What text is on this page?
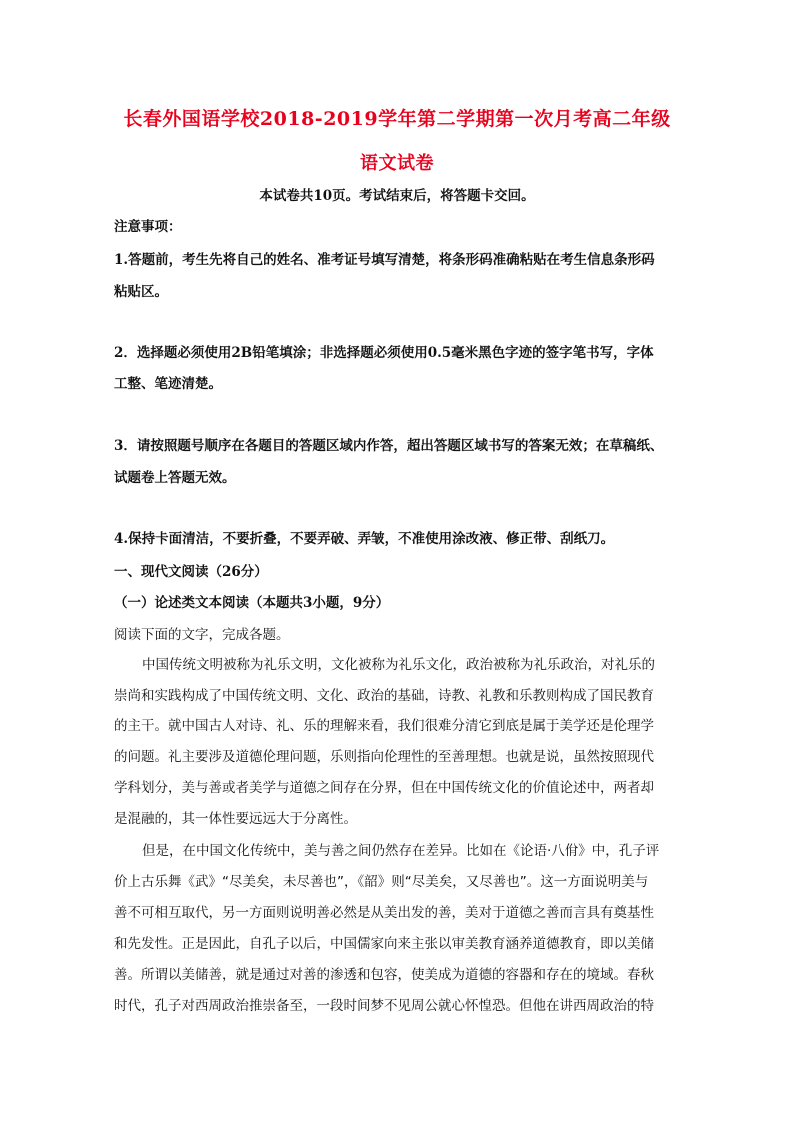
长春外国语学校2018-2019学年第二学期第一次月考高二年级
语文试卷
本试卷共10页。考试结束后，将答题卡交回。
注意事项：
1.答题前，考生先将自己的姓名、准考证号填写清楚，将条形码准确粘贴在考生信息条形码
粘贴区。
2．选择题必须使用2B铅笔填涂；非选择题必须使用0.5毫米黑色字迹的签字笔书写，字体
工整、笔迹清楚。
3．请按照题号顺序在各题目的答题区域内作答，超出答题区域书写的答案无效；在草稿纸、
试题卷上答题无效。
4.保持卡面清洁，不要折叠，不要弄破、弄皱，不准使用涂改液、修正带、刮纸刀。
一、现代文阅读（26分）
（一）论述类文本阅读（本题共3小题，9分）
阅读下面的文字，完成各题。
中国传统文明被称为礼乐文明，文化被称为礼乐文化，政治被称为礼乐政治，对礼乐的
崇尚和实践构成了中国传统文明、文化、政治的基础，诗教、礼教和乐教则构成了国民教育
的主干。就中国古人对诗、礼、乐的理解来看，我们很难分清它到底是属于美学还是伦理学
的问题。礼主要涉及道德伦理问题，乐则指向伦理性的至善理想。也就是说，虽然按照现代
学科划分，美与善或者美学与道德之间存在分界，但在中国传统文化的价值论述中，两者却
是混融的，其一体性要远远大于分离性。
但是，在中国文化传统中，美与善之间仍然存在差异。比如在《论语·八佾》中，孔子评
价上古乐舞《武》“尽美矣，未尽善也”，《韶》则“尽美矣，又尽善也”。这一方面说明美与
善不可相互取代，另一方面则说明善必然是从美出发的善，美对于道德之善而言具有奠基性
和先发性。正是因此，自孔子以后，中国儒家向来主张以审美教育涵养道德教育，即以美储
善。所谓以美储善，就是通过对善的渗透和包容，使美成为道德的容器和存在的境域。春秋
时代，孔子对西周政治推崇备至，一段时间梦不见周公就心怀惶恐。但他在讲西周政治的特
